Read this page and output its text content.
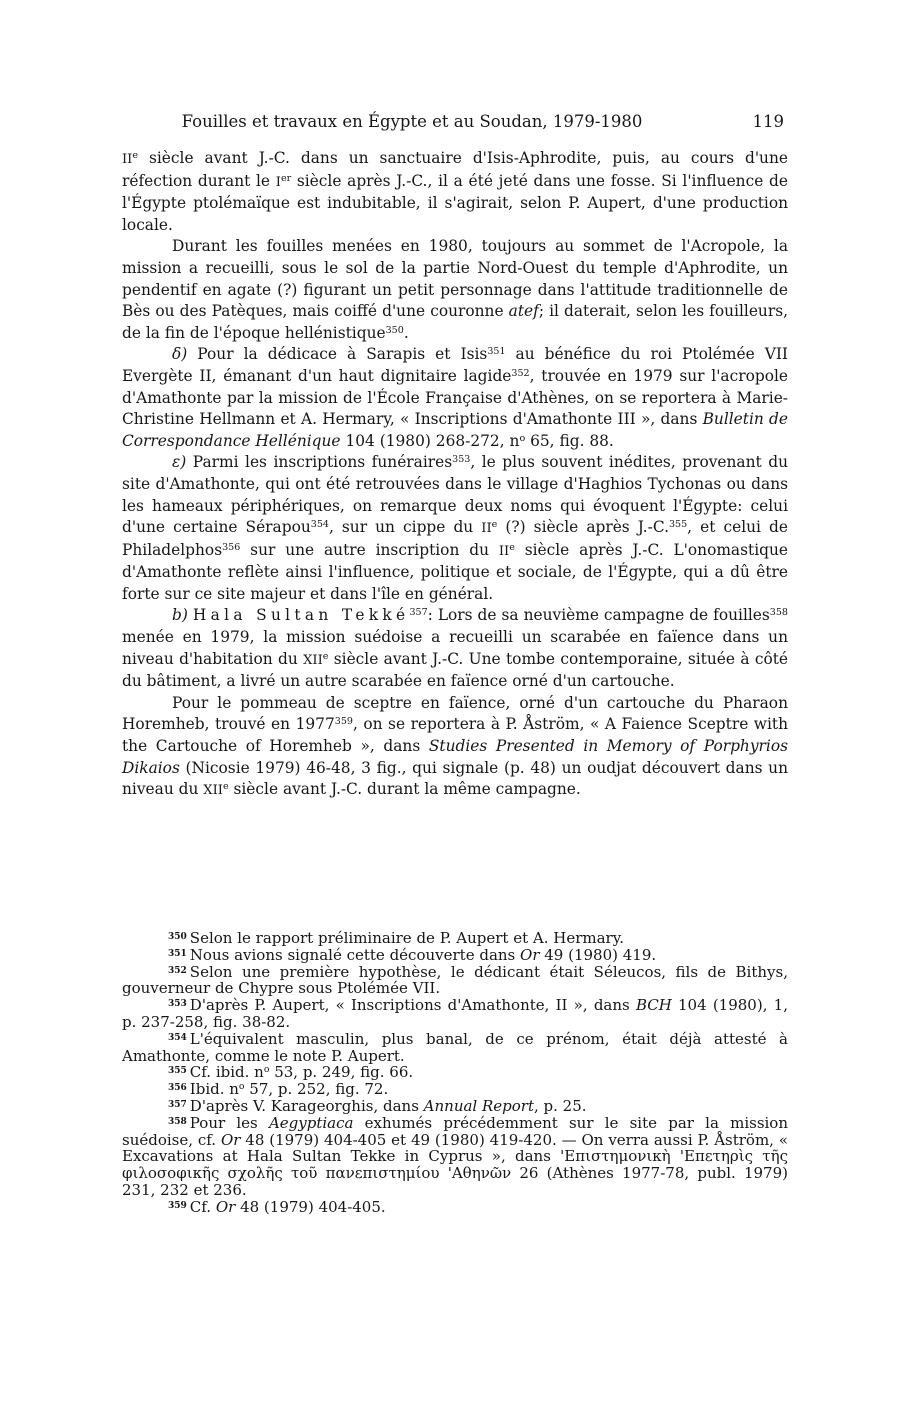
Fouilles et travaux en Égypte et au Soudan, 1979-1980	119

IIe siècle avant J.-C. dans un sanctuaire d'Isis-Aphrodite, puis, au cours d'une réfection durant le Ier siècle après J.-C., il a été jeté dans une fosse. Si l'influence de l'Égypte ptolémaïque est indubitable, il s'agirait, selon P. Aupert, d'une production locale.

Durant les fouilles menées en 1980, toujours au sommet de l'Acropole, la mission a recueilli, sous le sol de la partie Nord-Ouest du temple d'Aphrodite, un pendentif en agate (?) figurant un petit personnage dans l'attitude traditionnelle de Bès ou des Patèques, mais coiffé d'une couronne atef; il daterait, selon les fouilleurs, de la fin de l'époque hellénistique$^{350}$.

δ) Pour la dédicace à Sarapis et Isis$^{351}$ au bénéfice du roi Ptolémée VII Evergète II, émanant d'un haut dignitaire lagide$^{352}$, trouvée en 1979 sur l'acropole d'Amathonte par la mission de l'École Française d'Athènes, on se reportera à Marie-Christine Hellmann et A. Hermary, « Inscriptions d'Amathonte III », dans Bulletin de Correspondance Hellénique 104 (1980) 268-272, $n^o$ 65, fig. 88.

ε) Parmi les inscriptions funéraires$^{353}$, le plus souvent inédites, provenant du site d'Amathonte, qui ont été retrouvées dans le village d'Haghios Tychonas ou dans les hameaux périphériques, on remarque deux noms qui évoquent l'Égypte: celui d'une certaine Sérapou$^{354}$, sur un cippe du IIe (?) siècle après J.-C.$^{355}$, et celui de Philadelphos$^{356}$ sur une autre inscription du IIe siècle après J.-C. L'onomastique d'Amathonte reflète ainsi l'influence, politique et sociale, de l'Égypte, qui a dû être forte sur ce site majeur et dans l'île en général.

b) Hala Sultan Tekké$^{357}$: Lors de sa neuvième campagne de fouilles$^{358}$ menée en 1979, la mission suédoise a recueilli un scarabée en faïence dans un niveau d'habitation du XIIe siècle avant J.-C. Une tombe contemporaine, située à côté du bâtiment, a livré un autre scarabée en faïence orné d'un cartouche.

Pour le pommeau de sceptre en faïence, orné d'un cartouche du Pharaon Horemheb, trouvé en 1977$^{359}$, on se reportera à P. Åström, « A Faience Sceptre with the Cartouche of Horemheb », dans Studies Presented in Memory of Porphyrios Dikaios (Nicosie 1979) 46-48, 3 fig., qui signale (p. 48) un oudjat découvert dans un niveau du XIIe siècle avant J.-C. durant la même campagne.

$^{350}$ Selon le rapport préliminaire de P. Aupert et A. Hermary.

$^{351}$ Nous avions signalé cette découverte dans Or 49 (1980) 419.

$^{352}$ Selon une première hypothèse, le dédicant était Séleucos, fils de Bithys, gouverneur de Chypre sous Ptolémée VII.

$^{353}$ D'après P. Aupert, « Inscriptions d'Amathonte, II », dans BCH 104 (1980), 1, p. 237-258, fig. 38-82.

$^{354}$ L'équivalent masculin, plus banal, de ce prénom, était déjà attesté à Amathonte, comme le note P. Aupert.

$^{355}$ Cf. ibid. $n^o$ 53, p. 249, fig. 66.

$^{356}$ Ibid. $n^o$ 57, p. 252, fig. 72.

$^{357}$ D'après V. Karageorghis, dans Annual Report, p. 25.

$^{358}$ Pour les Aegyptiaca exhumés précédemment sur le site par la mission suédoise, cf. Or 48 (1979) 404-405 et 49 (1980) 419-420. — On verra aussi P. Åström, « Excavations at Hala Sultan Tekke in Cyprus », dans 'Επιστημονικὴ 'Επετηρὶς τῆς φιλοσοφικῆς σχολῆς τοῦ πανεπιστημίου 'Αθηνῶν 26 (Athènes 1977-78, publ. 1979) 231, 232 et 236.

$^{359}$ Cf. Or 48 (1979) 404-405.
